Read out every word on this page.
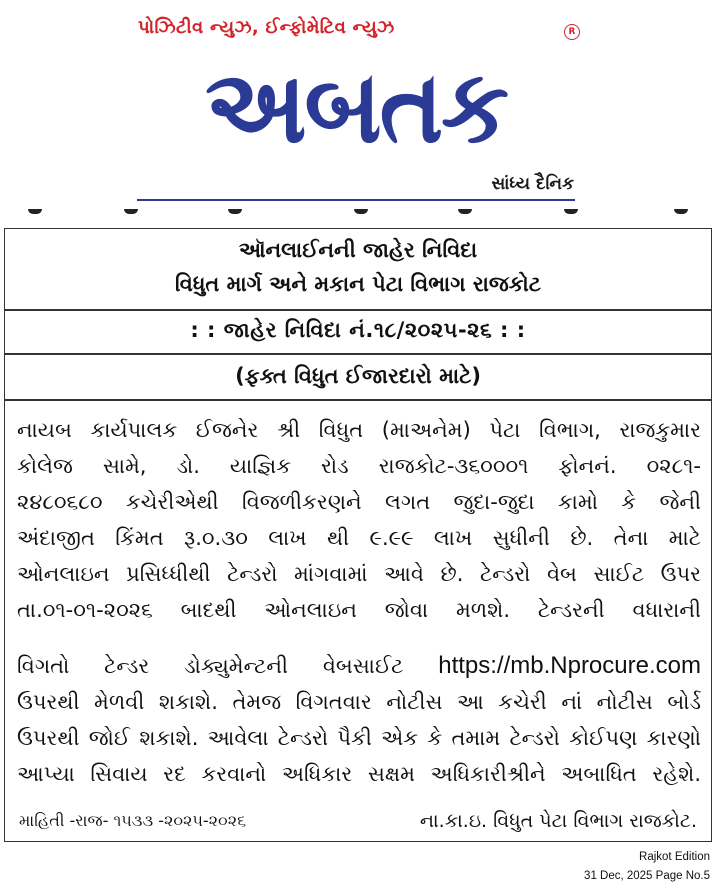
પોઝિટીવ ન્યુઝ, ઈન્ફોમેટિવ ન્યુઝ	R
અબતક
સાંધ્ય દૈનિક
ઑનલાઈનની જાહેર નિવિદા
વિધુત માર્ગ અને મકાન પેટા વિભાગ રાજકોટ
: : જાહેર નિવિદા નં.૧૮/૨૦૨૫-૨૬ : :
(ફક્ત વિધુત ઈજારદારો માટે)
નાયબ કાર્યપાલક ઈજનેર શ્રી વિધુત (માઅનેમ) પેટા વિભાગ, રાજકુમાર
કોલેજ સામે, ડો. યાજ્ઞિક રોડ રાજકોટ-૩૬૦૦૦૧ ફોનનં. ૦૨૮૧-
૨૪૮૦૬૮૦ કચેરીએથી વિજળીકરણને લગત જુદા-જુદા કામો કે જેની
અંદાજીત કિંમત રૂ.૦.૩૦ લાખ થી ૯.૯૯ લાખ સુધીની છે. તેના માટે
ઓનલાઇન પ્રસિધ્ધીથી ટેન્ડરો માંગવામાં આવે છે. ટેન્ડરો વેબ સાઈટ ઉપર
તા.૦૧-૦૧-૨૦૨૬ બાદથી ઓનલાઇન જોવા મળશે. ટેન્ડરની વધારાની
વિગતો ટેન્ડર ડોક્યુમેન્ટની વેબસાઈટ https://mb.Nprocure.com
ઉપરથી મેળવી શકાશે. તેમજ વિગતવાર નોટીસ આ કચેરી નાં નોટીસ બોર્ડ
ઉપરથી જોઈ શકાશે. આવેલા ટેન્ડરો પૈકી એક કે તમામ ટેન્ડરો કોઈપણ કારણો
આપ્યા સિવાય રદ કરવાનો અધિકાર સક્ષમ અધિકારીશ્રીને અબાધિત રહેશે.
માહિતી -રાજ- ૧૫૩૩ -૨૦૨૫-૨૦૨૬	ના.કા.ઇ. વિધુત પેટા વિભાગ રાજકોટ.
Rajkot Edition
31 Dec, 2025 Page No.5
